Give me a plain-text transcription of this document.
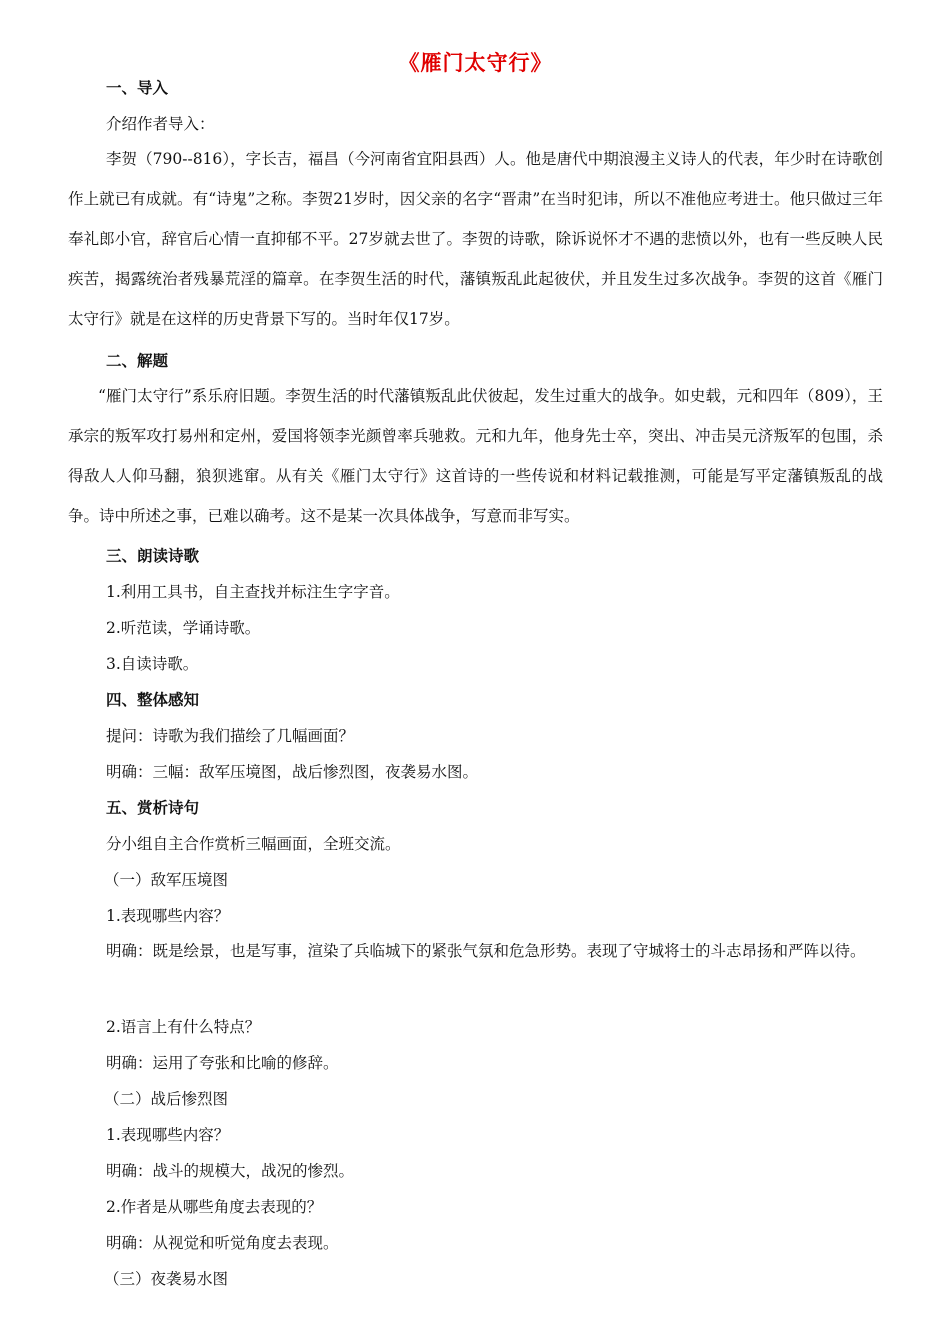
《雁门太守行》
一、导入
介绍作者导入：
李贺（790--816），字长吉，福昌（今河南省宜阳县西）人。他是唐代中期浪漫主义诗人的代表，年少时在诗歌创作上就已有成就。有“诗鬼”之称。李贺21岁时，因父亲的名字“晋肃”在当时犯讳，所以不准他应考进士。他只做过三年奉礼郎小官，辞官后心情一直抑郁不平。27岁就去世了。李贺的诗歌，除诉说怀才不遇的悲愤以外，也有一些反映人民疾苦，揭露统治者残暴荒淫的篇章。在李贺生活的时代，藩镇叛乱此起彼伏，并且发生过多次战争。李贺的这首《雁门太守行》就是在这样的历史背景下写的。当时年仅17岁。
二、解题
“雁门太守行”系乐府旧题。李贺生活的时代藩镇叛乱此伏彼起，发生过重大的战争。如史载，元和四年（809），王承宗的叛军攻打易州和定州，爱国将领李光颜曾率兵驰救。元和九年，他身先士卒，突出、冲击吴元济叛军的包围，杀得敌人人仰马翻，狼狈逃窜。从有关《雁门太守行》这首诗的一些传说和材料记载推测，可能是写平定藩镇叛乱的战争。诗中所述之事，已难以确考。这不是某一次具体战争，写意而非写实。
三、朗读诗歌
1.利用工具书，自主查找并标注生字字音。
2.听范读，学诵诗歌。
3.自读诗歌。
四、整体感知
提问：诗歌为我们描绘了几幅画面？
明确：三幅：敌军压境图，战后惨烈图，夜袭易水图。
五、赏析诗句
分小组自主合作赏析三幅画面，全班交流。
（一）敌军压境图
1.表现哪些内容？
明确：既是绘景，也是写事，渲染了兵临城下的紧张气氛和危急形势。表现了守城将士的斗志昂扬和严阵以待。
2.语言上有什么特点？
明确：运用了夸张和比喻的修辞。
（二）战后惨烈图
1.表现哪些内容？
明确：战斗的规模大，战况的惨烈。
2.作者是从哪些角度去表现的？
明确：从视觉和听觉角度去表现。
（三）夜袭易水图
